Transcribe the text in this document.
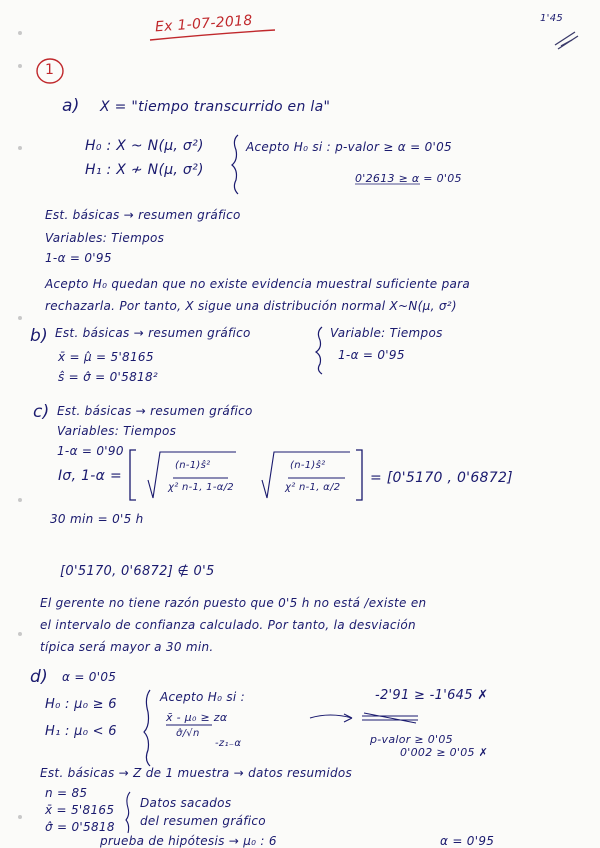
Ex 1-07-2018	1'45
1
a) X = "tiempo transcurrido en la"
H₀ : X ~ N(μ, σ²)
H₁ : X ≁ N(μ, σ²)
Acepto H₀ si : p-valor ≥ α = 0'05
0'2613 ≥ α = 0'05
Est. básicas → resumen gráfico
Variables: Tiempos
1-α = 0'95
Acepto H₀ quedan que no existe evidencia muestral suficiente para
rechazarla. Por tanto, X sigue una distribución normal X~N(μ, σ²)
b) Est. básicas → resumen gráfico	Variable: Tiempos
1-α = 0'95
x̄ = μ̂ = 5'8165
ŝ = σ̂ = 0'5818²
c) Est. básicas → resumen gráfico
Variables: Tiempos
1-α = 0'90
Iσ, 1-α =
(n-1)ŝ²
χ² n-1, 1-α/2
(n-1)ŝ²
χ² n-1, α/2
= [0'5170 , 0'6872]
30 min = 0'5 h
[0'5170, 0'6872] ∉ 0'5
El gerente no tiene razón puesto que 0'5 h no está /existe en
el intervalo de confianza calculado. Por tanto, la desviación
típica será mayor a 30 min.
d) α = 0'05
H₀ : μ₀ ≥ 6
H₁ : μ₀ < 6
Acepto H₀ si :
x̄ - μ₀ ≥ zα
σ̂/√n
-z₁₋α
-2'91 ≥ -1'645 ✗
p-valor ≥ 0'05
0'002 ≥ 0'05 ✗
Est. básicas → Z de 1 muestra → datos resumidos
n = 85
x̄ = 5'8165
σ̂ = 0'5818
Datos sacados
del resumen gráfico
prueba de hipótesis → μ₀ : 6	α = 0'95
